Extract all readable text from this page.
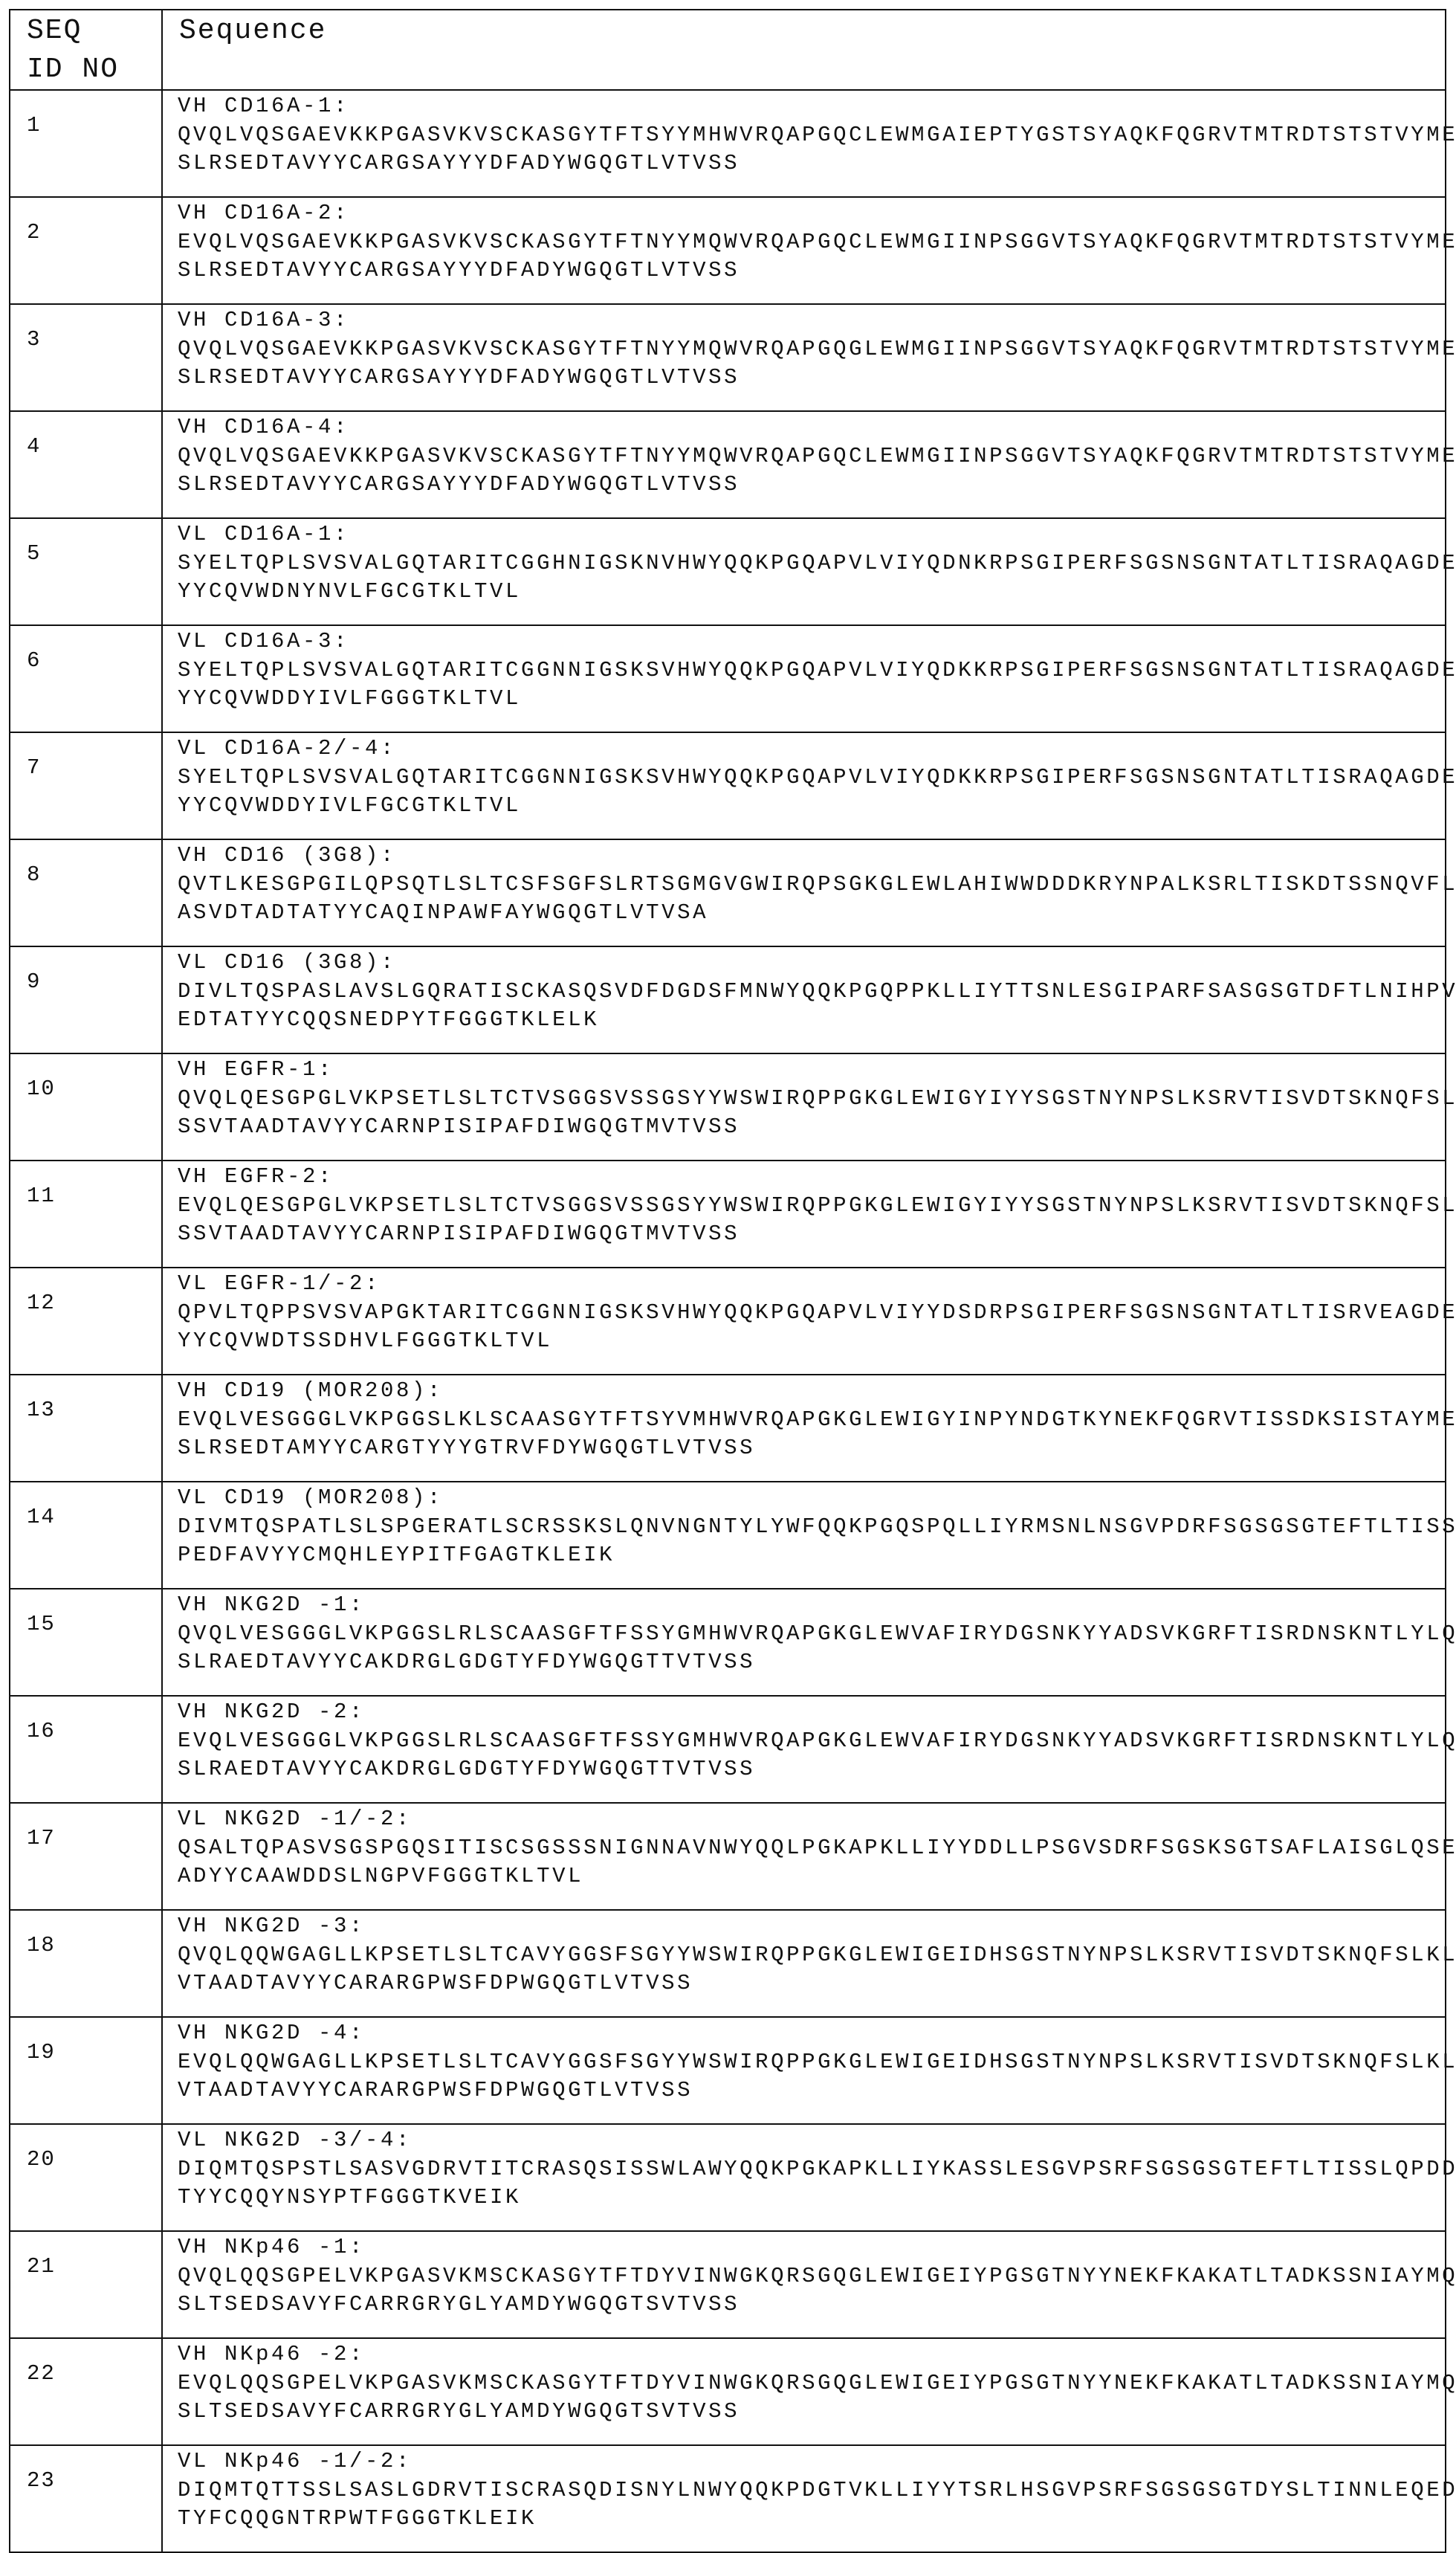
SEQ
ID NO
	Sequence
1	
VH CD16A-1:
QVQLVQSGAEVKKPGASVKVSCKASGYTFTSYYMHWVRQAPGQCLEWMGAIEPTYGSTSYAQKFQGRVTMTRDTSTSTVYMELS
SLRSEDTAVYYCARGSAYYYDFADYWGQGTLVTVSS

2	
VH CD16A-2:
EVQLVQSGAEVKKPGASVKVSCKASGYTFTNYYMQWVRQAPGQCLEWMGIINPSGGVTSYAQKFQGRVTMTRDTSTSTVYMELS
SLRSEDTAVYYCARGSAYYYDFADYWGQGTLVTVSS

3	
VH CD16A-3:
QVQLVQSGAEVKKPGASVKVSCKASGYTFTNYYMQWVRQAPGQGLEWMGIINPSGGVTSYAQKFQGRVTMTRDTSTSTVYMELS
SLRSEDTAVYYCARGSAYYYDFADYWGQGTLVTVSS

4	
VH CD16A-4:
QVQLVQSGAEVKKPGASVKVSCKASGYTFTNYYMQWVRQAPGQCLEWMGIINPSGGVTSYAQKFQGRVTMTRDTSTSTVYMELS
SLRSEDTAVYYCARGSAYYYDFADYWGQGTLVTVSS

5	
VL CD16A-1:
SYELTQPLSVSVALGQTARITCGGHNIGSKNVHWYQQKPGQAPVLVIYQDNKRPSGIPERFSGSNSGNTATLTISRAQAGDEAD
YYCQVWDNYNVLFGCGTKLTVL

6	
VL CD16A-3:
SYELTQPLSVSVALGQTARITCGGNNIGSKSVHWYQQKPGQAPVLVIYQDKKRPSGIPERFSGSNSGNTATLTISRAQAGDEAD
YYCQVWDDYIVLFGGGTKLTVL

7	
VL CD16A-2/-4:
SYELTQPLSVSVALGQTARITCGGNNIGSKSVHWYQQKPGQAPVLVIYQDKKRPSGIPERFSGSNSGNTATLTISRAQAGDEAD
YYCQVWDDYIVLFGCGTKLTVL

8	
VH CD16 (3G8):
QVTLKESGPGILQPSQTLSLTCSFSGFSLRTSGMGVGWIRQPSGKGLEWLAHIWWDDDKRYNPALKSRLTISKDTSSNQVFLKI
ASVDTADTATYYCAQINPAWFAYWGQGTLVTVSA

9	
VL CD16 (3G8):
DIVLTQSPASLAVSLGQRATISCKASQSVDFDGDSFMNWYQQKPGQPPKLLIYTTSNLESGIPARFSASGSGTDFTLNIHPVEE
EDTATYYCQQSNEDPYTFGGGTKLELK

10	
VH EGFR-1:
QVQLQESGPGLVKPSETLSLTCTVSGGSVSSGSYYWSWIRQPPGKGLEWIGYIYYSGSTNYNPSLKSRVTISVDTSKNQFSLKL
SSVTAADTAVYYCARNPISIPAFDIWGQGTMVTVSS

11	
VH EGFR-2:
EVQLQESGPGLVKPSETLSLTCTVSGGSVSSGSYYWSWIRQPPGKGLEWIGYIYYSGSTNYNPSLKSRVTISVDTSKNQFSLKL
SSVTAADTAVYYCARNPISIPAFDIWGQGTMVTVSS

12	
VL EGFR-1/-2:
QPVLTQPPSVSVAPGKTARITCGGNNIGSKSVHWYQQKPGQAPVLVIYYDSDRPSGIPERFSGSNSGNTATLTISRVEAGDEAD
YYCQVWDTSSDHVLFGGGTKLTVL

13	
VH CD19 (MOR208):
EVQLVESGGGLVKPGGSLKLSCAASGYTFTSYVMHWVRQAPGKGLEWIGYINPYNDGTKYNEKFQGRVTISSDKSISTAYMELS
SLRSEDTAMYYCARGTYYYGTRVFDYWGQGTLVTVSS

14	
VL CD19 (MOR208):
DIVMTQSPATLSLSPGERATLSCRSSKSLQNVNGNTYLYWFQQKPGQSPQLLIYRMSNLNSGVPDRFSGSGSGTEFTLTISSLE
PEDFAVYYCMQHLEYPITFGAGTKLEIK

15	
VH NKG2D -1:
QVQLVESGGGLVKPGGSLRLSCAASGFTFSSYGMHWVRQAPGKGLEWVAFIRYDGSNKYYADSVKGRFTISRDNSKNTLYLQMN
SLRAEDTAVYYCAKDRGLGDGTYFDYWGQGTTVTVSS

16	
VH NKG2D -2:
EVQLVESGGGLVKPGGSLRLSCAASGFTFSSYGMHWVRQAPGKGLEWVAFIRYDGSNKYYADSVKGRFTISRDNSKNTLYLQMN
SLRAEDTAVYYCAKDRGLGDGTYFDYWGQGTTVTVSS

17	
VL NKG2D -1/-2:
QSALTQPASVSGSPGQSITISCSGSSSNIGNNAVNWYQQLPGKAPKLLIYYDDLLPSGVSDRFSGSKSGTSAFLAISGLQSEDE
ADYYCAAWDDSLNGPVFGGGTKLTVL

18	
VH NKG2D -3:
QVQLQQWGAGLLKPSETLSLTCAVYGGSFSGYYWSWIRQPPGKGLEWIGEIDHSGSTNYNPSLKSRVTISVDTSKNQFSLKLSS
VTAADTAVYYCARARGPWSFDPWGQGTLVTVSS

19	
VH NKG2D -4:
EVQLQQWGAGLLKPSETLSLTCAVYGGSFSGYYWSWIRQPPGKGLEWIGEIDHSGSTNYNPSLKSRVTISVDTSKNQFSLKLSS
VTAADTAVYYCARARGPWSFDPWGQGTLVTVSS

20	
VL NKG2D -3/-4:
DIQMTQSPSTLSASVGDRVTITCRASQSISSWLAWYQQKPGKAPKLLIYKASSLESGVPSRFSGSGSGTEFTLTISSLQPDDFA
TYYCQQYNSYPTFGGGTKVEIK

21	
VH NKp46 -1:
QVQLQQSGPELVKPGASVKMSCKASGYTFTDYVINWGKQRSGQGLEWIGEIYPGSGTNYYNEKFKAKATLTADKSSNIAYMQLS
SLTSEDSAVYFCARRGRYGLYAMDYWGQGTSVTVSS

22	
VH NKp46 -2:
EVQLQQSGPELVKPGASVKMSCKASGYTFTDYVINWGKQRSGQGLEWIGEIYPGSGTNYYNEKFKAKATLTADKSSNIAYMQLS
SLTSEDSAVYFCARRGRYGLYAMDYWGQGTSVTVSS

23	
VL NKp46 -1/-2:
DIQMTQTTSSLSASLGDRVTISCRASQDISNYLNWYQQKPDGTVKLLIYYTSRLHSGVPSRFSGSGSGTDYSLTINNLEQEDIA
TYFCQQGNTRPWTFGGGTKLEIK
